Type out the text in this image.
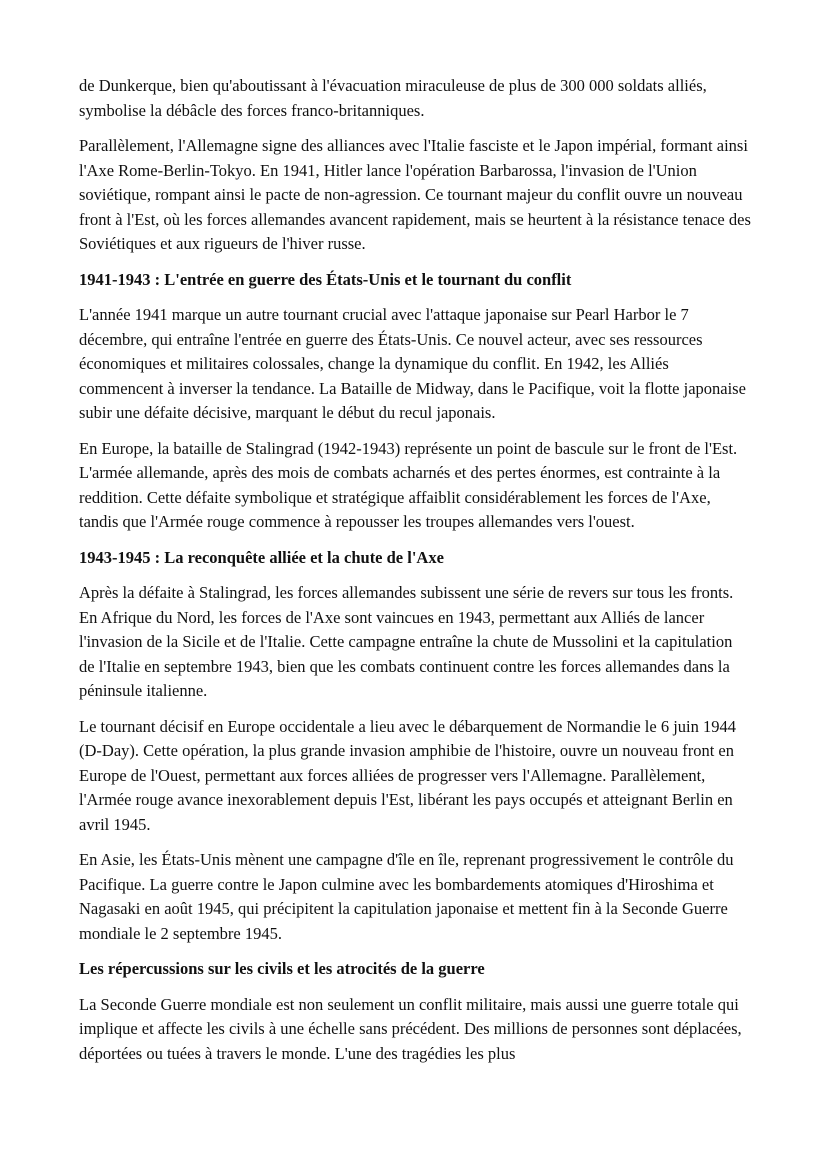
de Dunkerque, bien qu'aboutissant à l'évacuation miraculeuse de plus de 300 000 soldats alliés, symbolise la débâcle des forces franco-britanniques.

Parallèlement, l'Allemagne signe des alliances avec l'Italie fasciste et le Japon impérial, formant ainsi l'Axe Rome-Berlin-Tokyo. En 1941, Hitler lance l'opération Barbarossa, l'invasion de l'Union soviétique, rompant ainsi le pacte de non-agression. Ce tournant majeur du conflit ouvre un nouveau front à l'Est, où les forces allemandes avancent rapidement, mais se heurtent à la résistance tenace des Soviétiques et aux rigueurs de l'hiver russe.

1941-1943 : L'entrée en guerre des États-Unis et le tournant du conflit

L'année 1941 marque un autre tournant crucial avec l'attaque japonaise sur Pearl Harbor le 7 décembre, qui entraîne l'entrée en guerre des États-Unis. Ce nouvel acteur, avec ses ressources économiques et militaires colossales, change la dynamique du conflit. En 1942, les Alliés commencent à inverser la tendance. La Bataille de Midway, dans le Pacifique, voit la flotte japonaise subir une défaite décisive, marquant le début du recul japonais.

En Europe, la bataille de Stalingrad (1942-1943) représente un point de bascule sur le front de l'Est. L'armée allemande, après des mois de combats acharnés et des pertes énormes, est contrainte à la reddition. Cette défaite symbolique et stratégique affaiblit considérablement les forces de l'Axe, tandis que l'Armée rouge commence à repousser les troupes allemandes vers l'ouest.

1943-1945 : La reconquête alliée et la chute de l'Axe

Après la défaite à Stalingrad, les forces allemandes subissent une série de revers sur tous les fronts. En Afrique du Nord, les forces de l'Axe sont vaincues en 1943, permettant aux Alliés de lancer l'invasion de la Sicile et de l'Italie. Cette campagne entraîne la chute de Mussolini et la capitulation de l'Italie en septembre 1943, bien que les combats continuent contre les forces allemandes dans la péninsule italienne.

Le tournant décisif en Europe occidentale a lieu avec le débarquement de Normandie le 6 juin 1944 (D-Day). Cette opération, la plus grande invasion amphibie de l'histoire, ouvre un nouveau front en Europe de l'Ouest, permettant aux forces alliées de progresser vers l'Allemagne. Parallèlement, l'Armée rouge avance inexorablement depuis l'Est, libérant les pays occupés et atteignant Berlin en avril 1945.

En Asie, les États-Unis mènent une campagne d'île en île, reprenant progressivement le contrôle du Pacifique. La guerre contre le Japon culmine avec les bombardements atomiques d'Hiroshima et Nagasaki en août 1945, qui précipitent la capitulation japonaise et mettent fin à la Seconde Guerre mondiale le 2 septembre 1945.

Les répercussions sur les civils et les atrocités de la guerre

La Seconde Guerre mondiale est non seulement un conflit militaire, mais aussi une guerre totale qui implique et affecte les civils à une échelle sans précédent. Des millions de personnes sont déplacées, déportées ou tuées à travers le monde. L'une des tragédies les plus
